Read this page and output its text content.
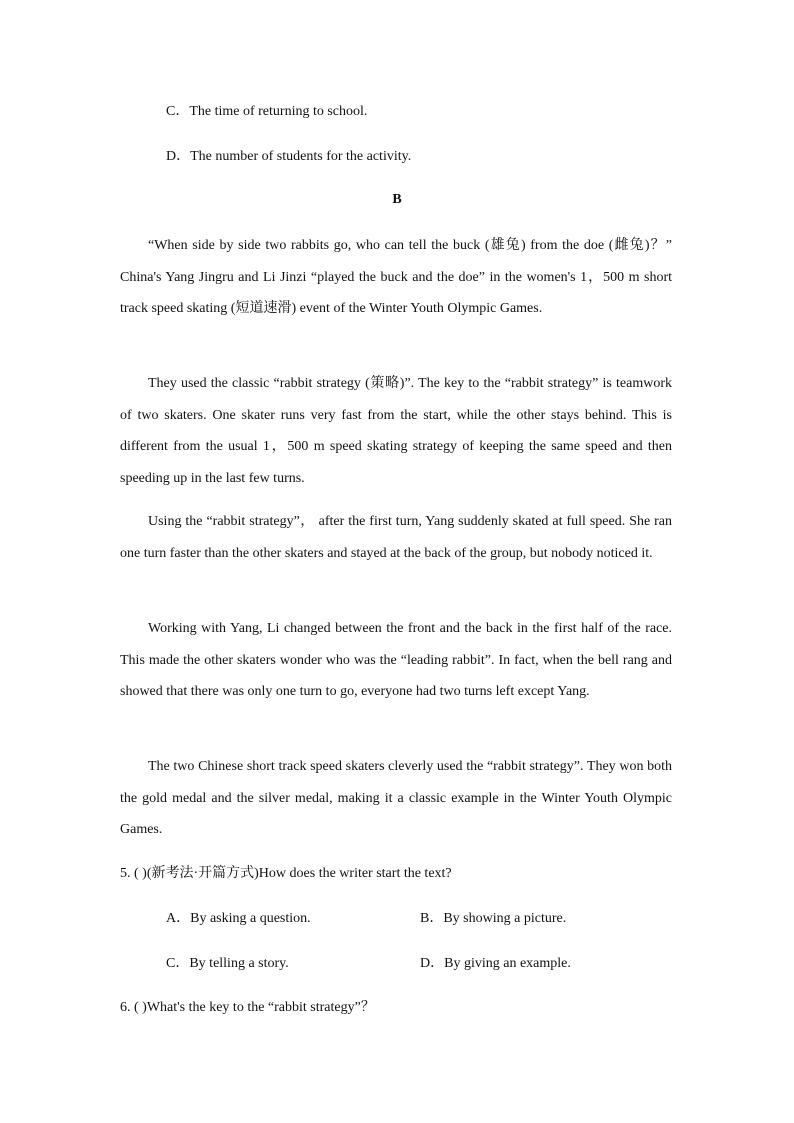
C．The time of returning to school.
D．The number of students for the activity.
B

“When side by side two rabbits go, who can tell the buck (雄兔) from the doe (雌兔)？” China's Yang Jingru and Li Jinzi “played the buck and the doe” in the women's 1，500 m short track speed skating (短道速滑) event of the Winter Youth Olympic Games.

They used the classic “rabbit strategy (策略)”. The key to the “rabbit strategy” is teamwork of two skaters. One skater runs very fast from the start, while the other stays behind. This is different from the usual 1，500 m speed skating strategy of keeping the same speed and then speeding up in the last few turns.

Using the “rabbit strategy”， after the first turn, Yang suddenly skated at full speed. She ran one turn faster than the other skaters and stayed at the back of the group, but nobody noticed it.

Working with Yang, Li changed between the front and the back in the first half of the race. This made the other skaters wonder who was the “leading rabbit”. In fact, when the bell rang and showed that there was only one turn to go, everyone had two turns left except Yang.

The two Chinese short track speed skaters cleverly used the “rabbit strategy”. They won both the gold medal and the silver medal, making it a classic example in the Winter Youth Olympic Games.

5. ( )(新考法·开篇方式)How does the writer start the text?
A．By asking a question.	B．By showing a picture.
C．By telling a story.	D．By giving an example.
6. ( )What's the key to the “rabbit strategy”？
